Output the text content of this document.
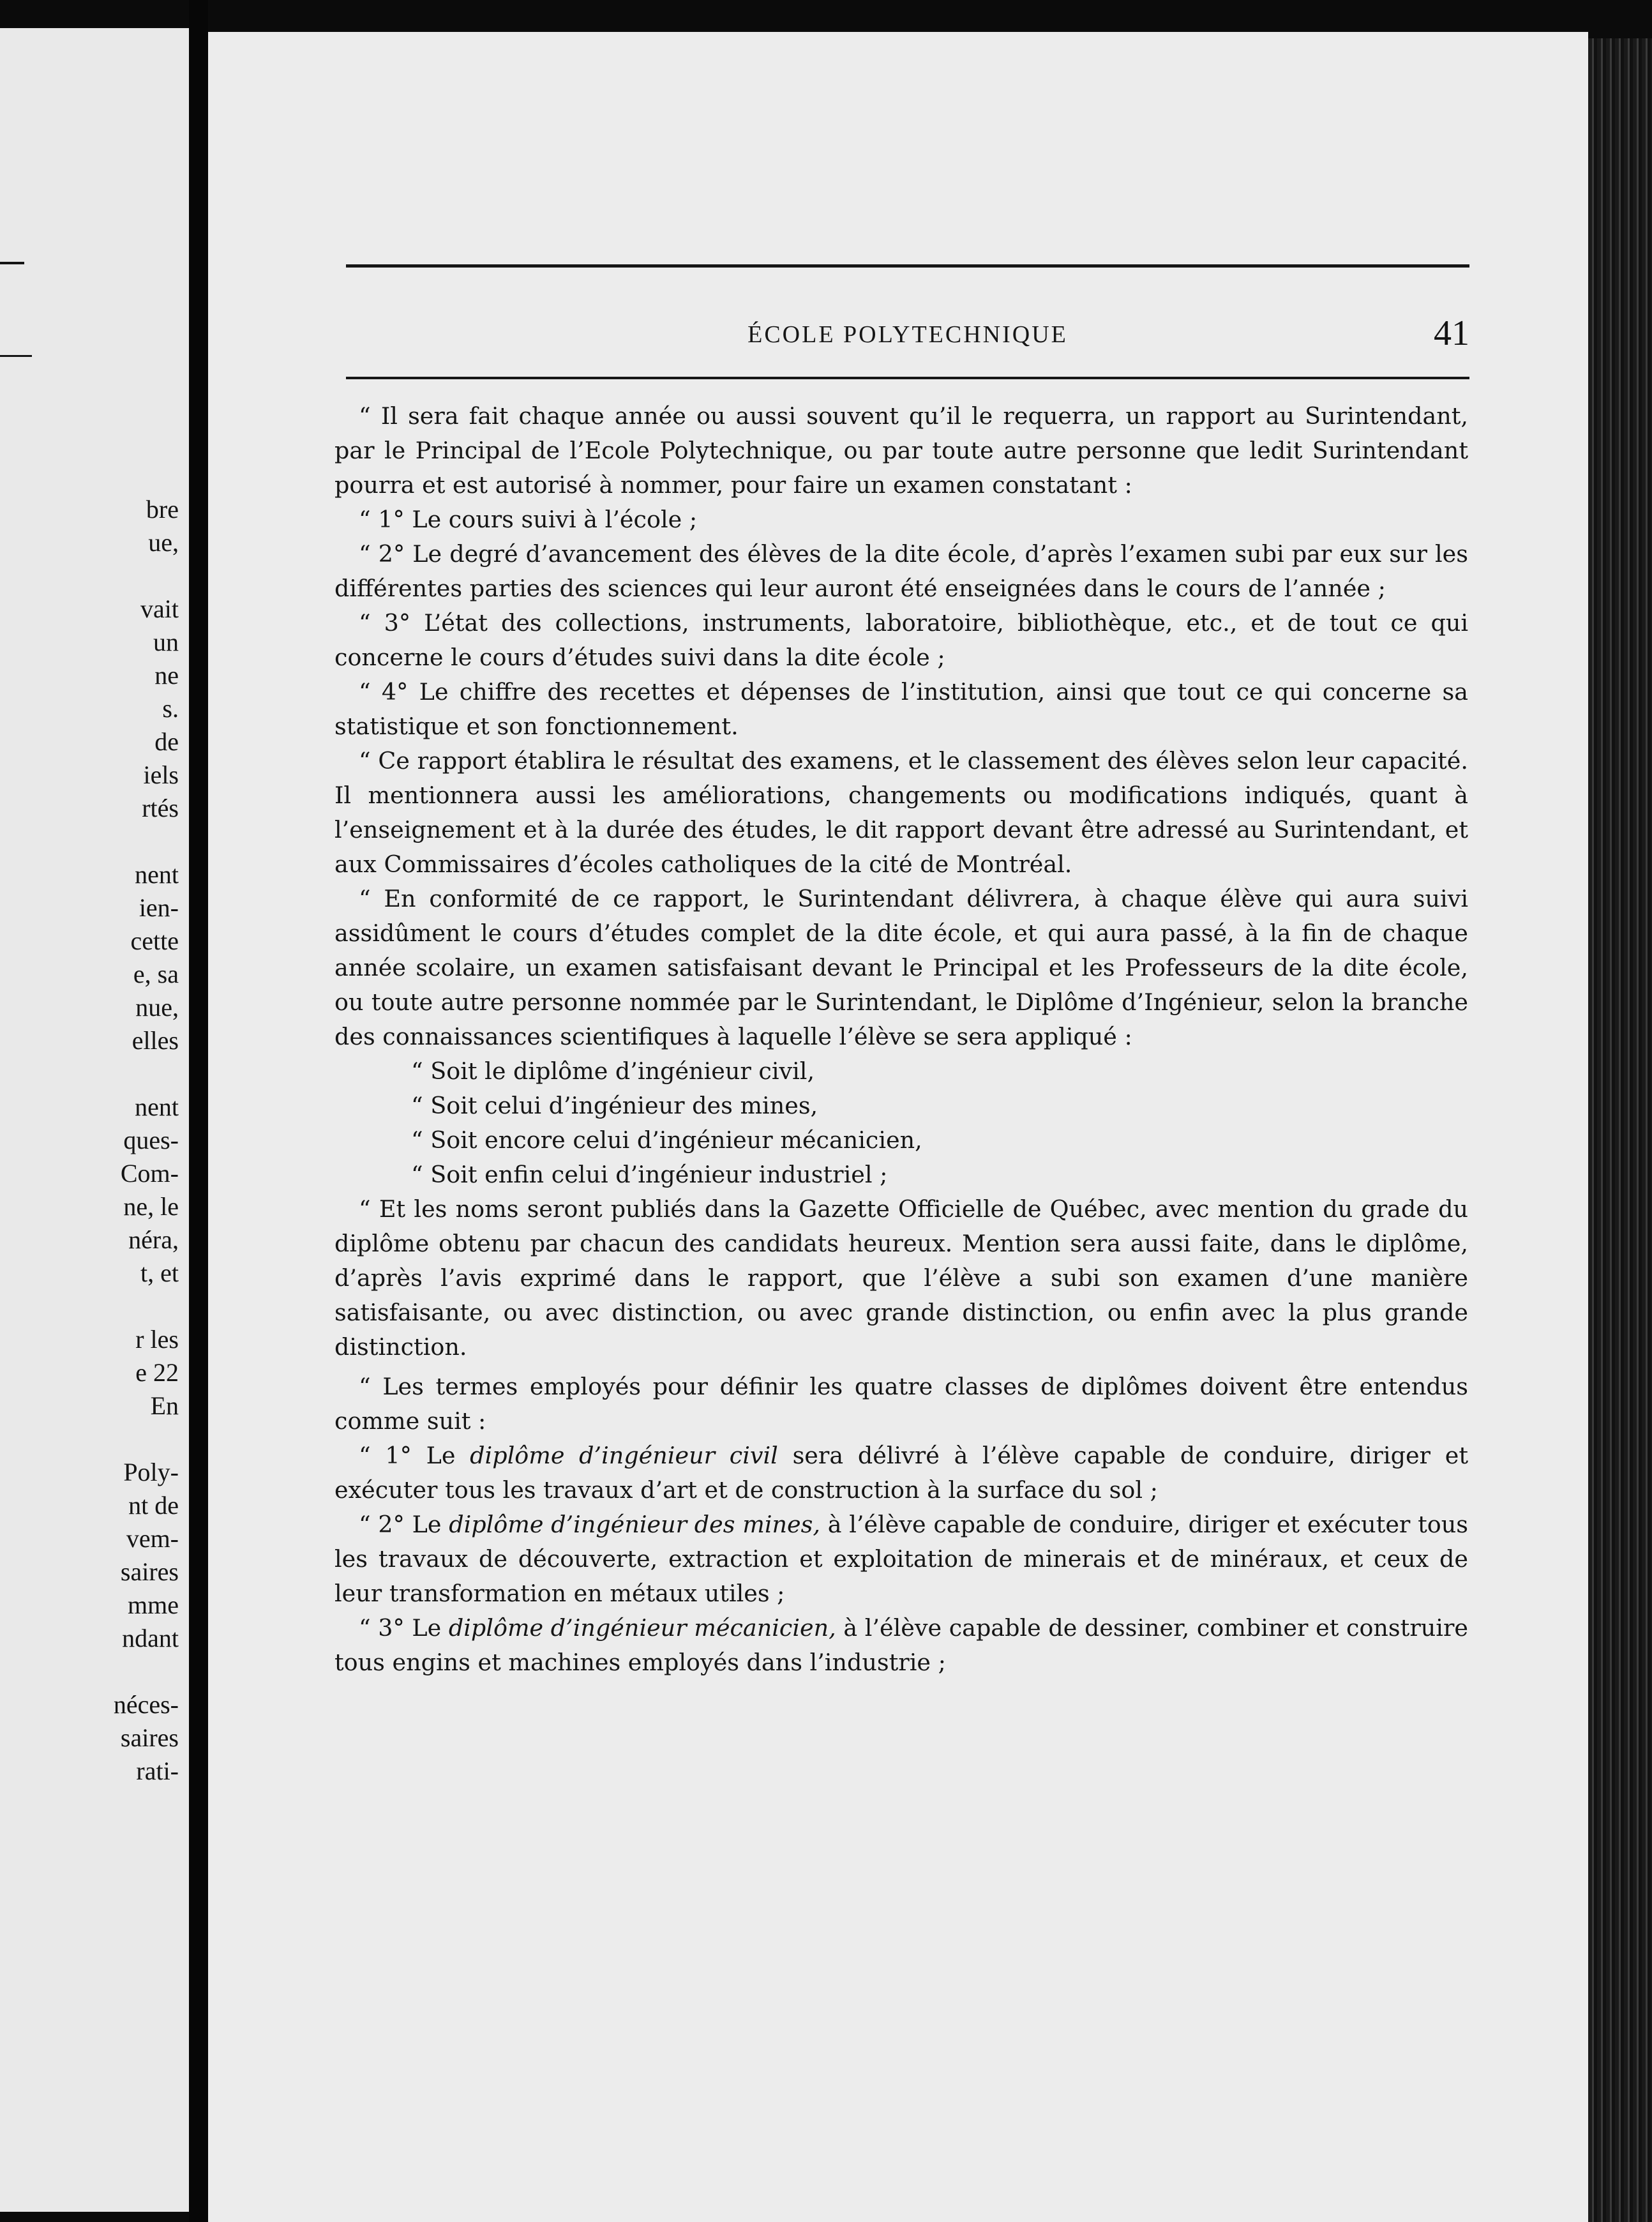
bre
ue,
vait
un
ne
s.
de
iels
rtés
nent
ien-
cette
e, sa
nue,
elles
nent
ques-
Com-
ne, le
néra,
t, et
r les
e 22
En
Poly-
nt de
vem-
saires
mme
ndant
néces-
saires
rati-
ÉCOLE POLYTECHNIQUE	41

“ Il sera fait chaque année ou aussi souvent qu’il le requerra, un rapport au Surintendant, par le Principal de l’Ecole Polytechnique, ou par toute autre personne que ledit Surintendant pourra et est autorisé à nommer, pour faire un examen constatant :

“ 1° Le cours suivi à l’école ;

“ 2° Le degré d’avancement des élèves de la dite école, d’après l’examen subi par eux sur les différentes parties des sciences qui leur auront été enseignées dans le cours de l’année ;

“ 3° L’état des collections, instruments, laboratoire, bibliothèque, etc., et de tout ce qui concerne le cours d’études suivi dans la dite école ;

“ 4° Le chiffre des recettes et dépenses de l’institution, ainsi que tout ce qui concerne sa statistique et son fonctionnement.

“ Ce rapport établira le résultat des examens, et le classement des élèves selon leur capacité. Il mentionnera aussi les améliorations, changements ou modifications indiqués, quant à l’enseignement et à la durée des études, le dit rapport devant être adressé au Surintendant, et aux Commissaires d’écoles catholiques de la cité de Montréal.

“ En conformité de ce rapport, le Surintendant délivrera, à chaque élève qui aura suivi assidûment le cours d’études complet de la dite école, et qui aura passé, à la fin de chaque année scolaire, un examen satisfaisant devant le Principal et les Professeurs de la dite école, ou toute autre personne nommée par le Surintendant, le Diplôme d’Ingénieur, selon la branche des connaissances scientifiques à laquelle l’élève se sera appliqué :

“ Soit le diplôme d’ingénieur civil,

“ Soit celui d’ingénieur des mines,

“ Soit encore celui d’ingénieur mécanicien,

“ Soit enfin celui d’ingénieur industriel ;

“ Et les noms seront publiés dans la Gazette Officielle de Québec, avec mention du grade du diplôme obtenu par chacun des candidats heureux. Mention sera aussi faite, dans le diplôme, d’après l’avis exprimé dans le rapport, que l’élève a subi son examen d’une manière satisfaisante, ou avec distinction, ou avec grande distinction, ou enfin avec la plus grande distinction.

“ Les termes employés pour définir les quatre classes de diplômes doivent être entendus comme suit :

“ 1° Le diplôme d’ingénieur civil sera délivré à l’élève capable de conduire, diriger et exécuter tous les travaux d’art et de construction à la surface du sol ;

“ 2° Le diplôme d’ingénieur des mines, à l’élève capable de conduire, diriger et exécuter tous les travaux de découverte, extraction et exploitation de minerais et de minéraux, et ceux de leur transformation en métaux utiles ;

“ 3° Le diplôme d’ingénieur mécanicien, à l’élève capable de dessiner, combiner et construire tous engins et machines employés dans l’industrie ;
